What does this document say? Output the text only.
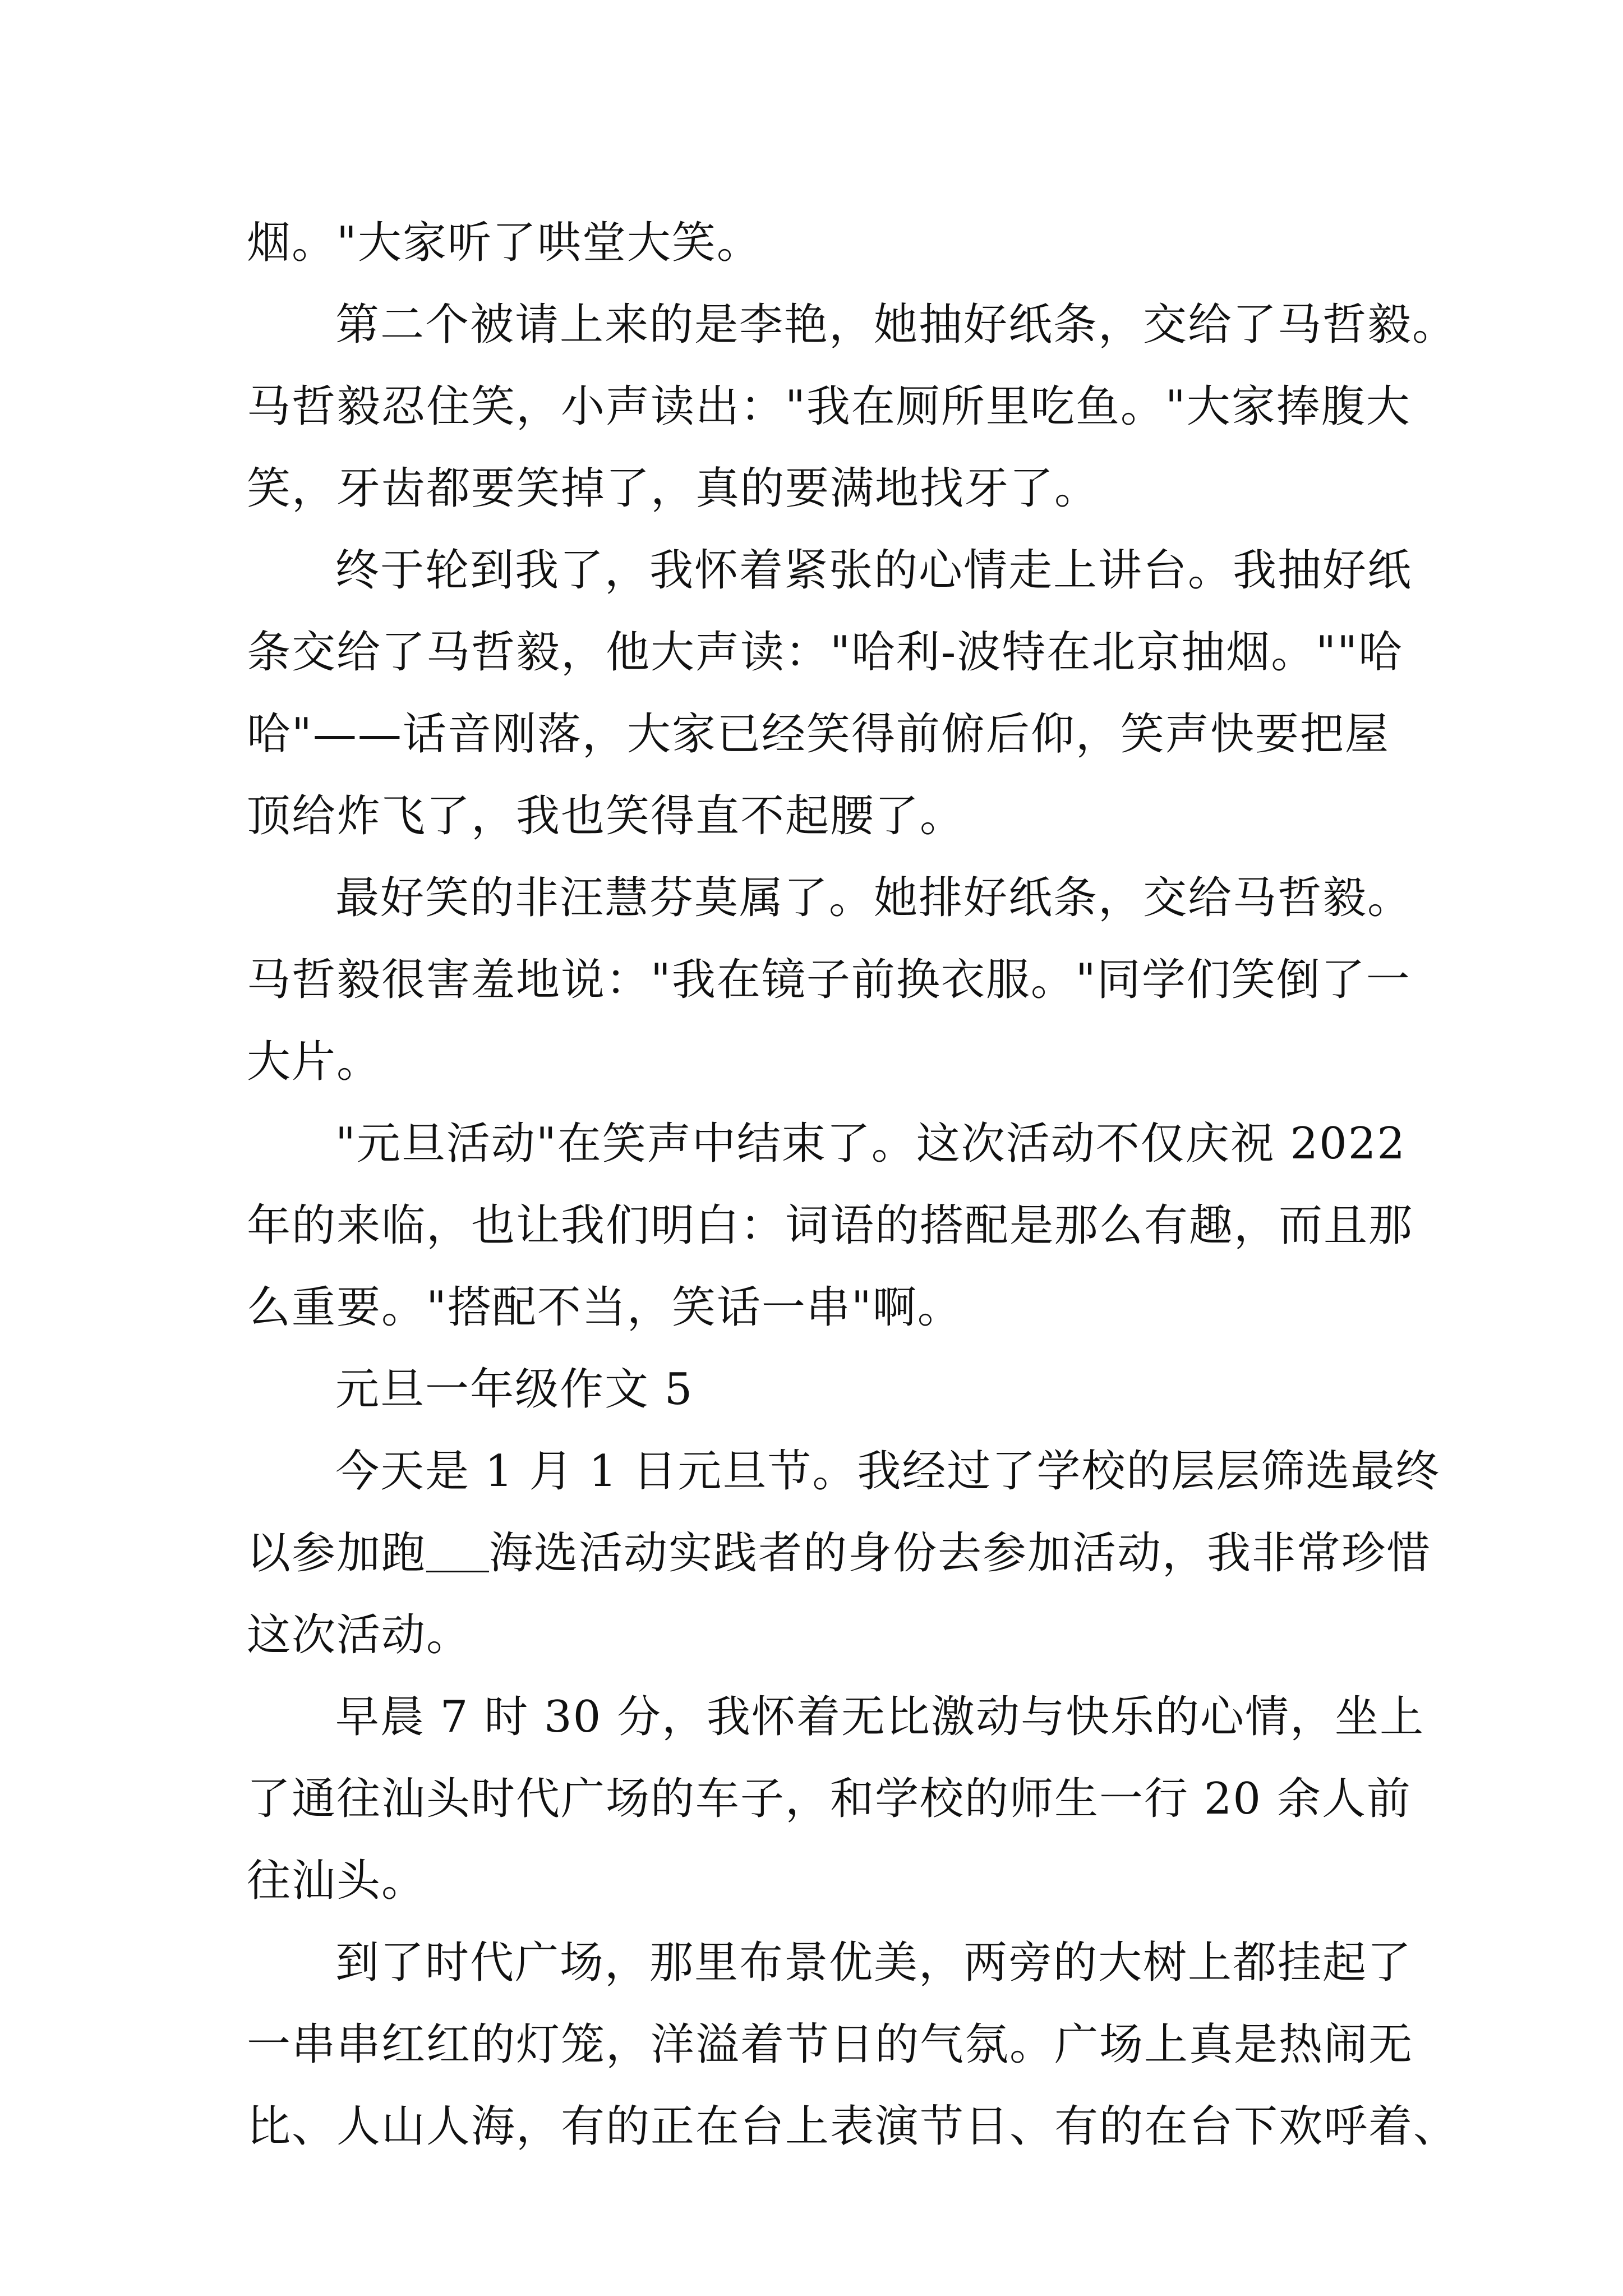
烟。"大家听了哄堂大笑。
第二个被请上来的是李艳，她抽好纸条，交给了马哲毅。
马哲毅忍住笑，小声读出："我在厕所里吃鱼。"大家捧腹大
笑，牙齿都要笑掉了，真的要满地找牙了。
终于轮到我了，我怀着紧张的心情走上讲台。我抽好纸
条交给了马哲毅，他大声读："哈利-波特在北京抽烟。""哈
哈"——话音刚落，大家已经笑得前俯后仰，笑声快要把屋
顶给炸飞了，我也笑得直不起腰了。
最好笑的非汪慧芬莫属了。她排好纸条，交给马哲毅。
马哲毅很害羞地说："我在镜子前换衣服。"同学们笑倒了一
大片。
"元旦活动"在笑声中结束了。这次活动不仅庆祝 2022
年的来临，也让我们明白：词语的搭配是那么有趣，而且那
么重要。"搭配不当，笑话一串"啊。
元旦一年级作文 5
今天是 1 月 1 日元旦节。我经过了学校的层层筛选最终
以参加跑 海选活动实践者的身份去参加活动，我非常珍惜
这次活动。
早晨 7 时 30 分，我怀着无比激动与快乐的心情，坐上
了通往汕头时代广场的车子，和学校的师生一行 20 余人前
往汕头。
到了时代广场，那里布景优美，两旁的大树上都挂起了
一串串红红的灯笼，洋溢着节日的气氛。广场上真是热闹无
比、人山人海，有的正在台上表演节日、有的在台下欢呼着、
